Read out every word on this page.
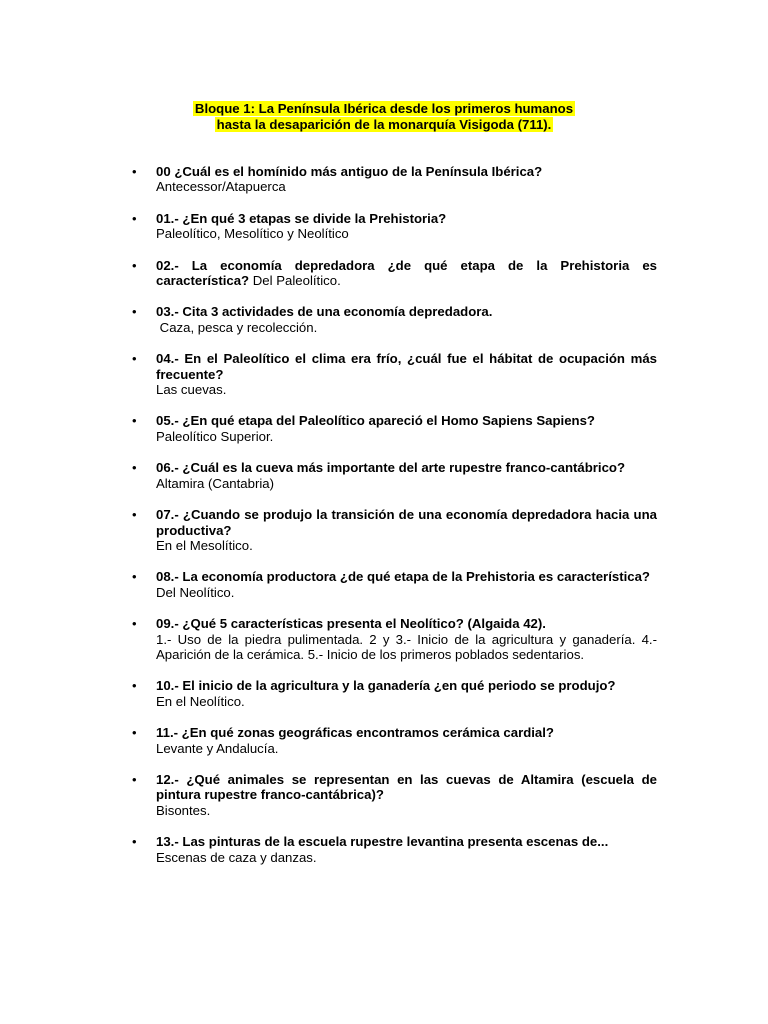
Bloque 1: La Península Ibérica desde los primeros humanos
hasta la desaparición de la monarquía Visigoda (711).
• 00 ¿Cuál es el homínido más antiguo de la Península Ibérica?

Antecessor/Atapuerca

• 01.- ¿En qué 3 etapas se divide la Prehistoria?

Paleolítico, Mesolítico y Neolítico

• 02.- La economía depredadora ¿de qué etapa de la Prehistoria es característica? Del Paleolítico.

• 03.- Cita 3 actividades de una economía depredadora.

Caza, pesca y recolección.

• 04.- En el Paleolítico el clima era frío, ¿cuál fue el hábitat de ocupación más frecuente?

Las cuevas.

• 05.- ¿En qué etapa del Paleolítico apareció el Homo Sapiens Sapiens?

Paleolítico Superior.

• 06.- ¿Cuál es la cueva más importante del arte rupestre franco-cantábrico?

Altamira (Cantabria)

• 07.- ¿Cuando se produjo la transición de una economía depredadora hacia una productiva?

En el Mesolítico.

• 08.- La economía productora ¿de qué etapa de la Prehistoria es característica?

Del Neolítico.

• 09.- ¿Qué 5 características presenta el Neolítico? (Algaida 42).

1.- Uso de la piedra pulimentada. 2 y 3.- Inicio de la agricultura y ganadería. 4.- Aparición de la cerámica. 5.- Inicio de los primeros poblados sedentarios.

• 10.- El inicio de la agricultura y la ganadería ¿en qué periodo se produjo?

En el Neolítico.

• 11.- ¿En qué zonas geográficas encontramos cerámica cardial?

Levante y Andalucía.

• 12.- ¿Qué animales se representan en las cuevas de Altamira (escuela de pintura rupestre franco-cantábrica)?

Bisontes.

• 13.- Las pinturas de la escuela rupestre levantina presenta escenas de...

Escenas de caza y danzas.
